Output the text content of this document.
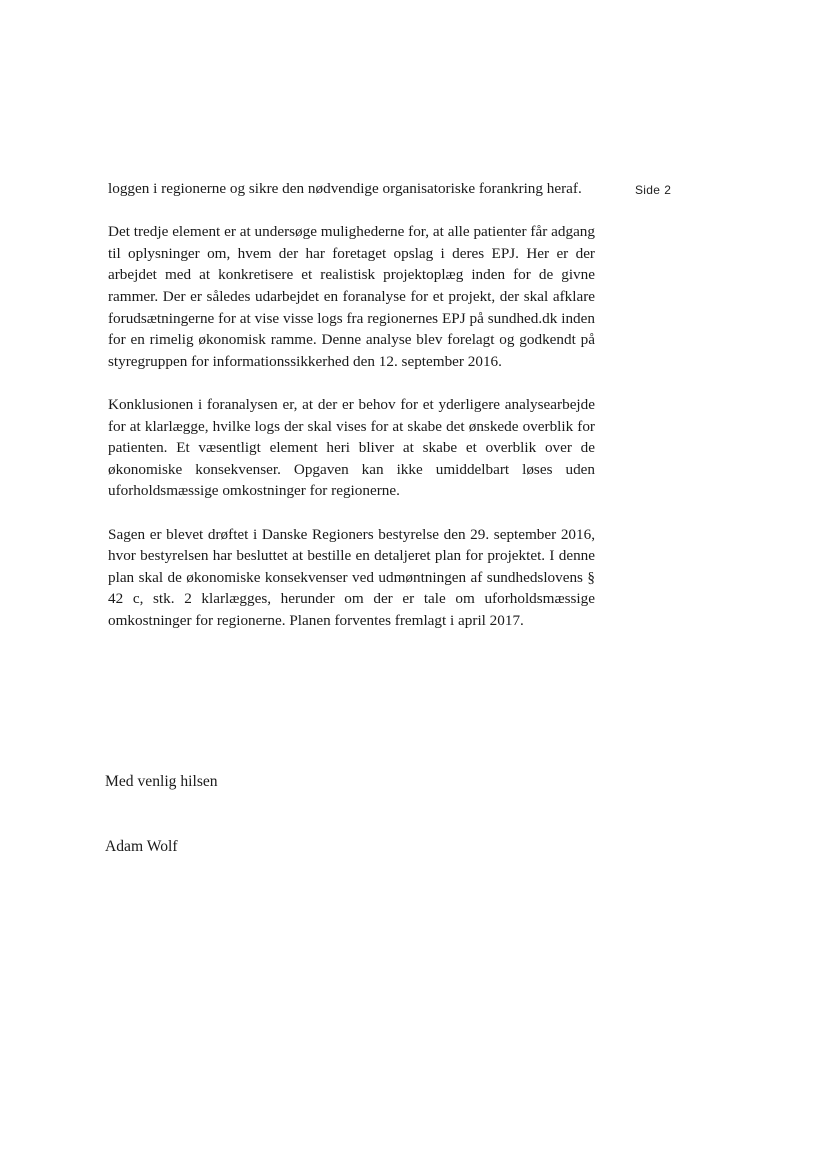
Side 2

loggen i regionerne og sikre den nødvendige organisatoriske forankring heraf.

Det tredje element er at undersøge mulighederne for, at alle patienter får adgang til oplysninger om, hvem der har foretaget opslag i deres EPJ. Her er der arbejdet med at konkretisere et realistisk projektoplæg inden for de givne rammer. Der er således udarbejdet en foranalyse for et projekt, der skal afklare forudsætningerne for at vise visse logs fra regionernes EPJ på sundhed.dk inden for en rimelig økonomisk ramme. Denne analyse blev forelagt og godkendt på styregruppen for informationssikkerhed den 12. september 2016.

Konklusionen i foranalysen er, at der er behov for et yderligere analysearbejde for at klarlægge, hvilke logs der skal vises for at skabe det ønskede overblik for patienten. Et væsentligt element heri bliver at skabe et overblik over de økonomiske konsekvenser. Opgaven kan ikke umiddelbart løses uden uforholdsmæssige omkostninger for regionerne.

Sagen er blevet drøftet i Danske Regioners bestyrelse den 29. september 2016, hvor bestyrelsen har besluttet at bestille en detaljeret plan for projektet. I denne plan skal de økonomiske konsekvenser ved udmøntningen af sundhedslovens § 42 c, stk. 2 klarlægges, herunder om der er tale om uforholdsmæssige omkostninger for regionerne. Planen forventes fremlagt i april 2017.

Med venlig hilsen

Adam Wolf
